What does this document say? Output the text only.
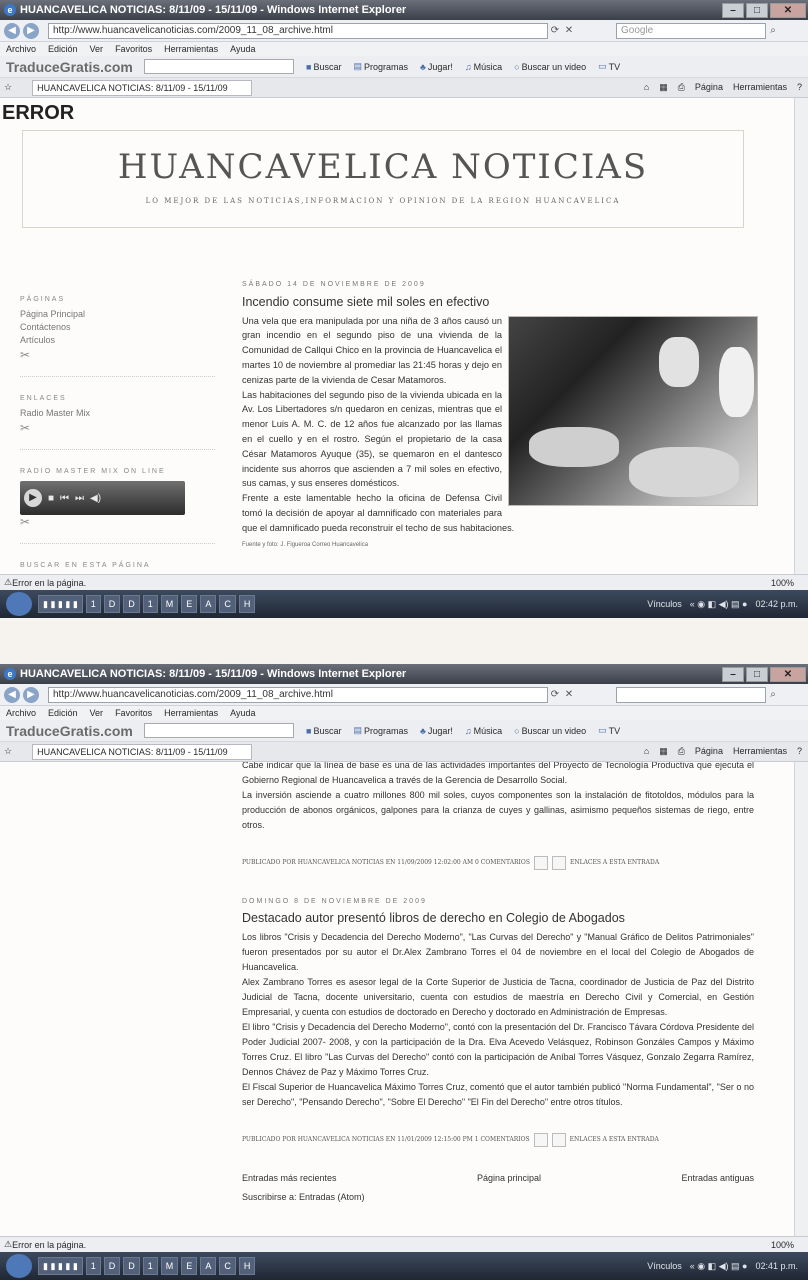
e HUANCAVELICA NOTICIAS: 8/11/09 - 15/11/09 - Windows Internet Explorer	–	□	✕
◀	▶	http://www.huancavelicanoticias.com/2009_11_08_archive.html	⟳ ✕	Google	⌕
Archivo Edición Ver Favoritos Herramientas Ayuda
TraduceGratis.com	■ Buscar ▤ Programas ♣ Jugar! ♫ Música ○ Buscar un video ▭ TV
☆	HUANCAVELICA NOTICIAS: 8/11/09 - 15/11/09	⌂ ▦ ⎙ Página Herramientas ?
ERROR
HUANCAVELICA NOTICIAS
LO MEJOR DE LAS NOTICIAS,INFORMACION Y OPINION DE LA REGION HUANCAVELICA
PÁGINAS
Página Principal
Contáctenos
Artículos
✂
ENLACES
Radio Master Mix
✂
RADIO MASTER MIX ON LINE
▶	■ ⏮ ⏭ ◀)
✂
BUSCAR EN ESTA PÁGINA
SÁBADO 14 DE NOVIEMBRE DE 2009
Incendio consume siete mil soles en efectivo

Una vela que era manipulada por una niña de 3 años causó un gran incendio en el segundo piso de una vivienda de la Comunidad de Callqui Chico en la provincia de Huancavelica el martes 10 de noviembre al promediar las 21:45 horas y dejo en cenizas parte de la vivienda de Cesar Matamoros.

Las habitaciones del segundo piso de la vivienda ubicada en la Av. Los Libertadores s/n quedaron en cenizas, mientras que el menor Luis A. M. C. de 12 años fue alcanzado por las llamas en el cuello y en el rostro. Según el propietario de la casa César Matamoros Ayuque (35), se quemaron en el dantesco incidente sus ahorros que ascienden a 7 mil soles en efectivo, sus camas, y sus enseres domésticos.

Frente a este lamentable hecho la oficina de Defensa Civil tomó la decisión de apoyar al damnificado con materiales para que el damnificado pueda reconstruir el techo de sus habitaciones.

Fuente y foto: J. Figueroa Correo Huancavelica
⚠ Error en la página.	100%
▮ ▮ ▮ ▮ ▮	1	D	D	1	M	E	A	C	H	Vínculos « ◉ ◧ ◀) ▤ ● 02:42 p.m.
e HUANCAVELICA NOTICIAS: 8/11/09 - 15/11/09 - Windows Internet Explorer	–	□	✕
◀	▶	http://www.huancavelicanoticias.com/2009_11_08_archive.html	⟳ ✕	⌕
Archivo Edición Ver Favoritos Herramientas Ayuda
TraduceGratis.com	■ Buscar ▤ Programas ♣ Jugar! ♫ Música ○ Buscar un video ▭ TV
☆	HUANCAVELICA NOTICIAS: 8/11/09 - 15/11/09	⌂ ▦ ⎙ Página Herramientas ?

Cabe indicar que la línea de base es una de las actividades importantes del Proyecto de Tecnología Productiva que ejecuta el Gobierno Regional de Huancavelica a través de la Gerencia de Desarrollo Social.

La inversión asciende a cuatro millones 800 mil soles, cuyos componentes son la instalación de fitotoldos, módulos para la producción de abonos orgánicos, galpones para la crianza de cuyes y gallinas, asimismo pequeños sistemas de riego, entre otros.

PUBLICADO POR HUANCAVELICA NOTICIAS EN 11/09/2009 12:02:00 AM 0 COMENTARIOS	ENLACES A ESTA ENTRADA
DOMINGO 8 DE NOVIEMBRE DE 2009
Destacado autor presentó libros de derecho en Colegio de Abogados

Los libros "Crisis y Decadencia del Derecho Moderno", "Las Curvas del Derecho" y "Manual Gráfico de Delitos Patrimoniales" fueron presentados por su autor el Dr.Alex Zambrano Torres el 04 de noviembre en el local del Colegio de Abogados de Huancavelica.

Alex Zambrano Torres es asesor legal de la Corte Superior de Justicia de Tacna, coordinador de Justicia de Paz del Distrito Judicial de Tacna, docente universitario, cuenta con estudios de maestría en Derecho Civil y Comercial, en Gestión Empresarial, y cuenta con estudios de doctorado en Derecho y doctorado en Administración de Empresas.

El libro "Crisis y Decadencia del Derecho Moderno", contó con la presentación del Dr. Francisco Távara Córdova Presidente del Poder Judicial 2007- 2008, y con la participación de la Dra. Elva Acevedo Velásquez, Robinson Gonzáles Campos y Máximo Torres Cruz. El libro "Las Curvas del Derecho" contó con la participación de Aníbal Torres Vásquez, Gonzalo Zegarra Ramírez, Dennos Chávez de Paz y Máximo Torres Cruz.

El Fiscal Superior de Huancavelica Máximo Torres Cruz, comentó que el autor también publicó "Norma Fundamental", "Ser o no ser Derecho", "Pensando Derecho", "Sobre El Derecho" "El Fin del Derecho" entre otros títulos.

PUBLICADO POR HUANCAVELICA NOTICIAS EN 11/01/2009 12:15:00 PM 1 COMENTARIOS	ENLACES A ESTA ENTRADA
Entradas más recientes	Página principal	Entradas antiguas
Suscribirse a: Entradas (Atom)
⚠ Error en la página.	100%
▮ ▮ ▮ ▮ ▮	1	D	D	1	M	E	A	C	H	Vínculos « ◉ ◧ ◀) ▤ ● 02:41 p.m.
